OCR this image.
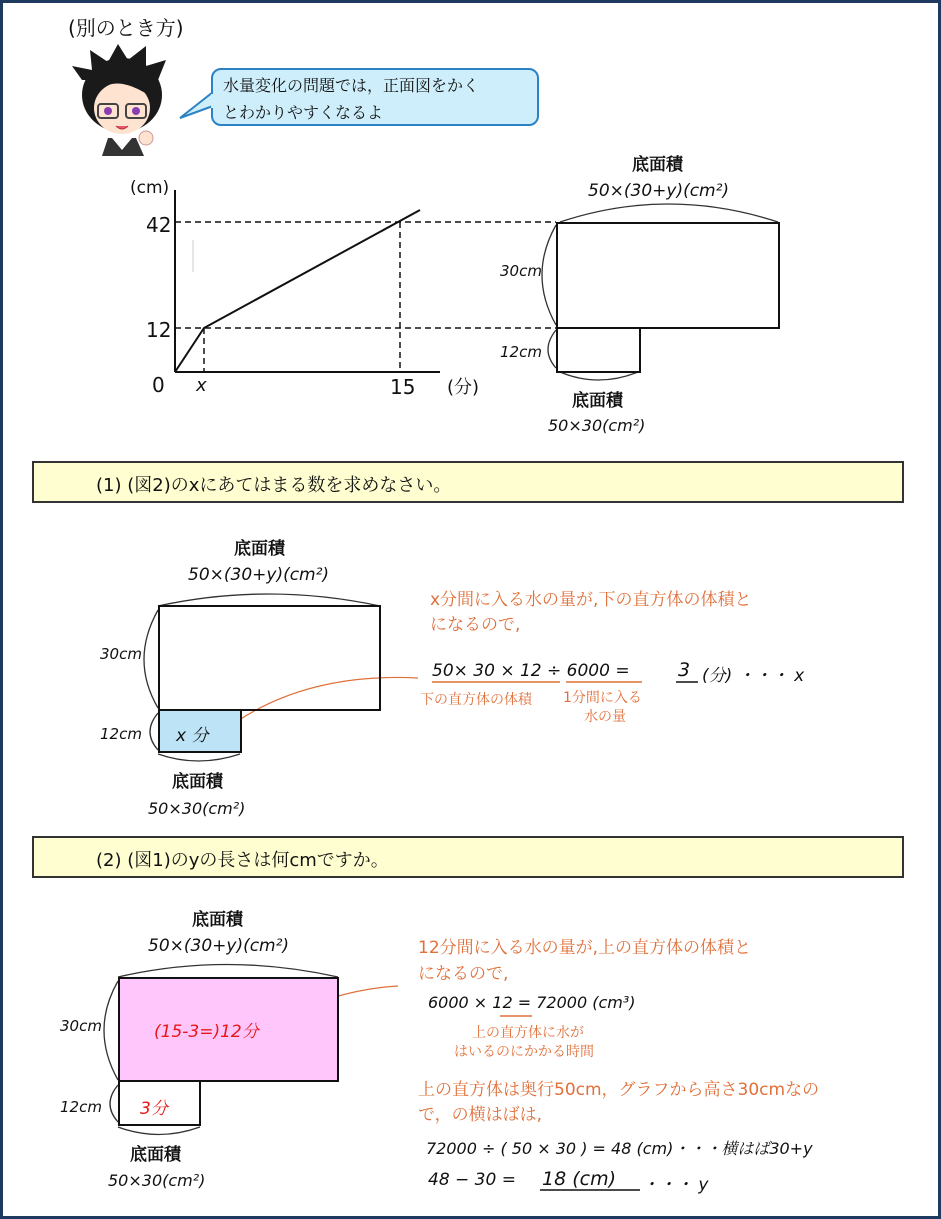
(別のとき方)
水量変化の問題では，正面図をかく
とわかりやすくなるよ
(cm)
42
12
0 x	15 (分)
底面積
50×(30+y)(cm²)
30cm
12cm
底面積
50×30(cm²)
(1) (図2)のxにあてはまる数を求めなさい。
底面積
50×(30+y)(cm²)
x 分
30cm
12cm
底面積
50×30(cm²)
x分間に入る水の量が,下の直方体の体積と
になるので,
50× 30 × 12 ÷ 6000 =	3 (分) ・・・ x
下の直方体の体積 1分間に入る
水の量
(2) (図1)のyの長さは何cmですか。
底面積
50×(30+y)(cm²)
(15-3=)12分
3分
30cm
12cm
底面積
50×30(cm²)
12分間に入る水の量が,上の直方体の体積と
になるので,
6000 × 12 = 72000 (cm³)
上の直方体に水が
はいるのにかかる時間
上の直方体は奥行50cm，グラフから高さ30cmなの
で，の横はばは,
72000 ÷ ( 50 × 30 ) = 48 (cm)・・・横はば30+y
48 − 30 = 18 (cm) ・・・ y
